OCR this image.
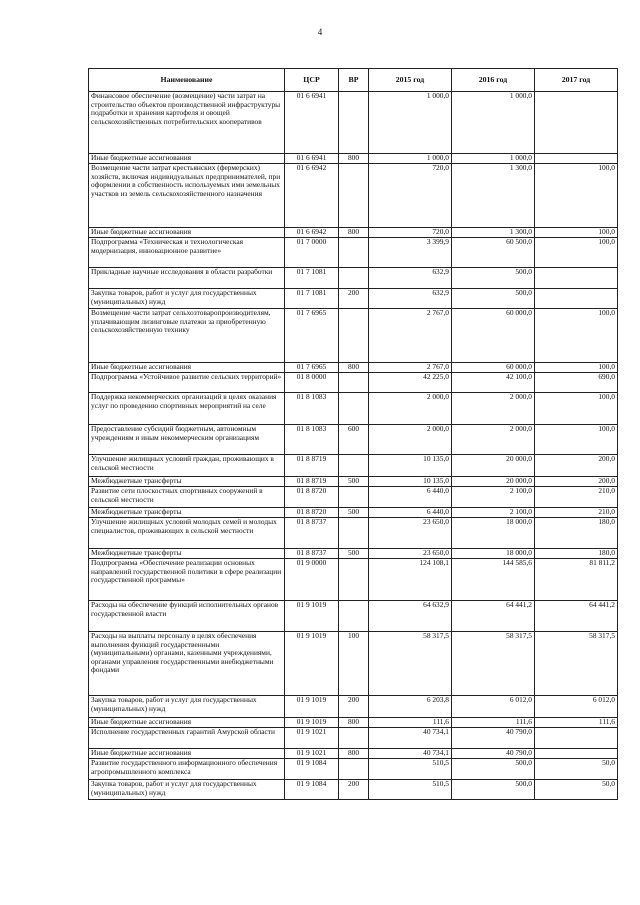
4
Наименование	ЦСР	ВР	2015 год	2016 год	2017 год
Финансовое обеспечение (возмещение) части затрат на строительство объектов производственной инфраструктуры подработки и хранения картофеля и овощей сельскохозяйственных потребительских кооперативов	01 6 6941		1 000,0	1 000,0	
Иные бюджетные ассигнования	01 6 6941	800	1 000,0	1 000,0	
Возмещение части затрат крестьянских (фермерских) хозяйств, включая индивидуальных предпринимателей, при оформлении в собственность используемых ими земельных участков из земель сельскохозяйственного назначения	01 6 6942		720,0	1 300,0	100,0
Иные бюджетные ассигнования	01 6 6942	800	720,0	1 300,0	100,0
Подпрограмма «Техническая и технологическая модернизация, инновационное развитие»	01 7 0000		3 399,9	60 500,0	100,0
Прикладные научные исследования в области разработки	01 7 1081		632,9	500,0	
Закупка товаров, работ и услуг для государственных (муниципальных) нужд	01 7 1081	200	632,9	500,0	
Возмещение части затрат сельхозтоваропроизводителям, уплачивающим лизинговые платежи за приобретенную сельскохозяйственную технику	01 7 6965		2 767,0	60 000,0	100,0
Иные бюджетные ассигнования	01 7 6965	800	2 767,0	60 000,0	100,0
Подпрограмма «Устойчивое развитие сельских территорий»	01 8 0000		42 225,0	42 100,0	690,0
Поддержка некоммерческих организаций в целях оказания услуг по проведению спортивных мероприятий на селе	01 8 1083		2 000,0	2 000,0	100,0
Предоставление субсидий бюджетным, автономным учреждениям и иным некоммерческим организациям	01 8 1083	600	2 000,0	2 000,0	100,0
Улучшение жилищных условий граждан, проживающих в сельской местности	01 8 8719		10 135,0	20 000,0	200,0
Межбюджетные трансферты	01 8 8719	500	10 135,0	20 000,0	200,0
Развитие сети плоскостных спортивных сооружений в сельской местности	01 8 8720		6 440,0	2 100,0	210,0
Межбюджетные трансферты	01 8 8720	500	6 440,0	2 100,0	210,0
Улучшение жилищных условий молодых семей и молодых специалистов, проживающих в сельской местности	01 8 8737		23 650,0	18 000,0	180,0
Межбюджетные трансферты	01 8 8737	500	23 650,0	18 000,0	180,0
Подпрограмма «Обеспечение реализации основных направлений государственной политики в сфере реализации государственной программы»	01 9 0000		124 108,1	144 585,6	81 811,2
Расходы на обеспечение функций исполнительных органов государственной власти	01 9 1019		64 632,9	64 441,2	64 441,2
Расходы на выплаты персоналу в целях обеспечения выполнения функций государственными (муниципальными) органами, казенными учреждениями, органами управления государственными внебюджетными фондами	01 9 1019	100	58 317,5	58 317,5	58 317,5
Закупка товаров, работ и услуг для государственных (муниципальных) нужд	01 9 1019	200	6 203,8	6 012,0	6 012,0
Иные бюджетные ассигнования	01 9 1019	800	111,6	111,6	111,6
Исполнение государственных гарантий Амурской области	01 9 1021		40 734,1	40 790,0	
Иные бюджетные ассигнования	01 9 1021	800	40 734,1	40 790,0	
Развитие государственного информационного обеспечения агропромышленного комплекса	01 9 1084		510,5	500,0	50,0
Закупка товаров, работ и услуг для государственных (муниципальных) нужд	01 9 1084	200	510,5	500,0	50,0
